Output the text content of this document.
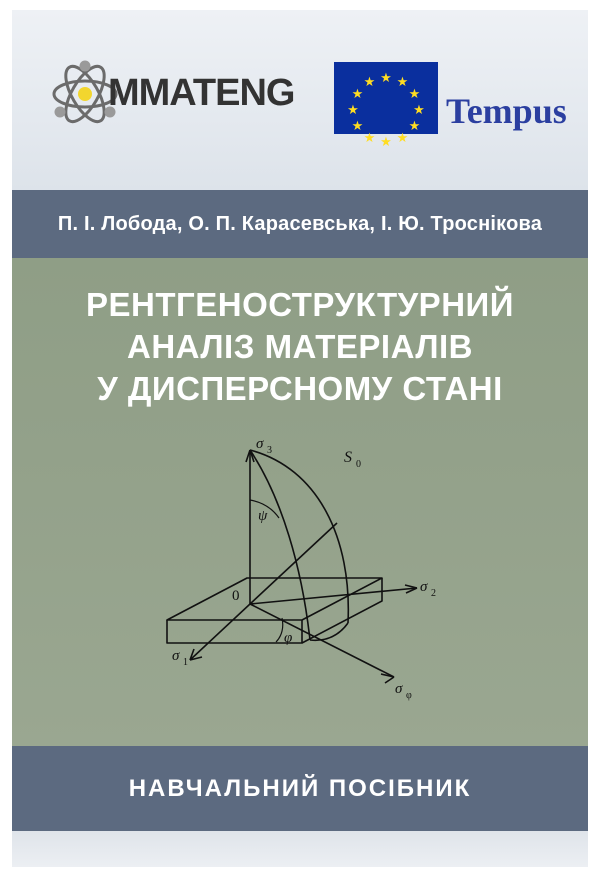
MMATENG	★ ★
★
★
★
★
★
★
★
★
★
★
Tempus
П. І. Лобода, О. П. Карасевська, І. Ю. Троснікова
РЕНТГЕНОСТРУКТУРНИЙ
АНАЛІЗ МАТЕРІАЛІВ
У ДИСПЕРСНОМУ СТАНІ
σ 3
σ 2
σ 1
σ φ
S 0
ψ
φ
0
НАВЧАЛЬНИЙ ПОСІБНИК
